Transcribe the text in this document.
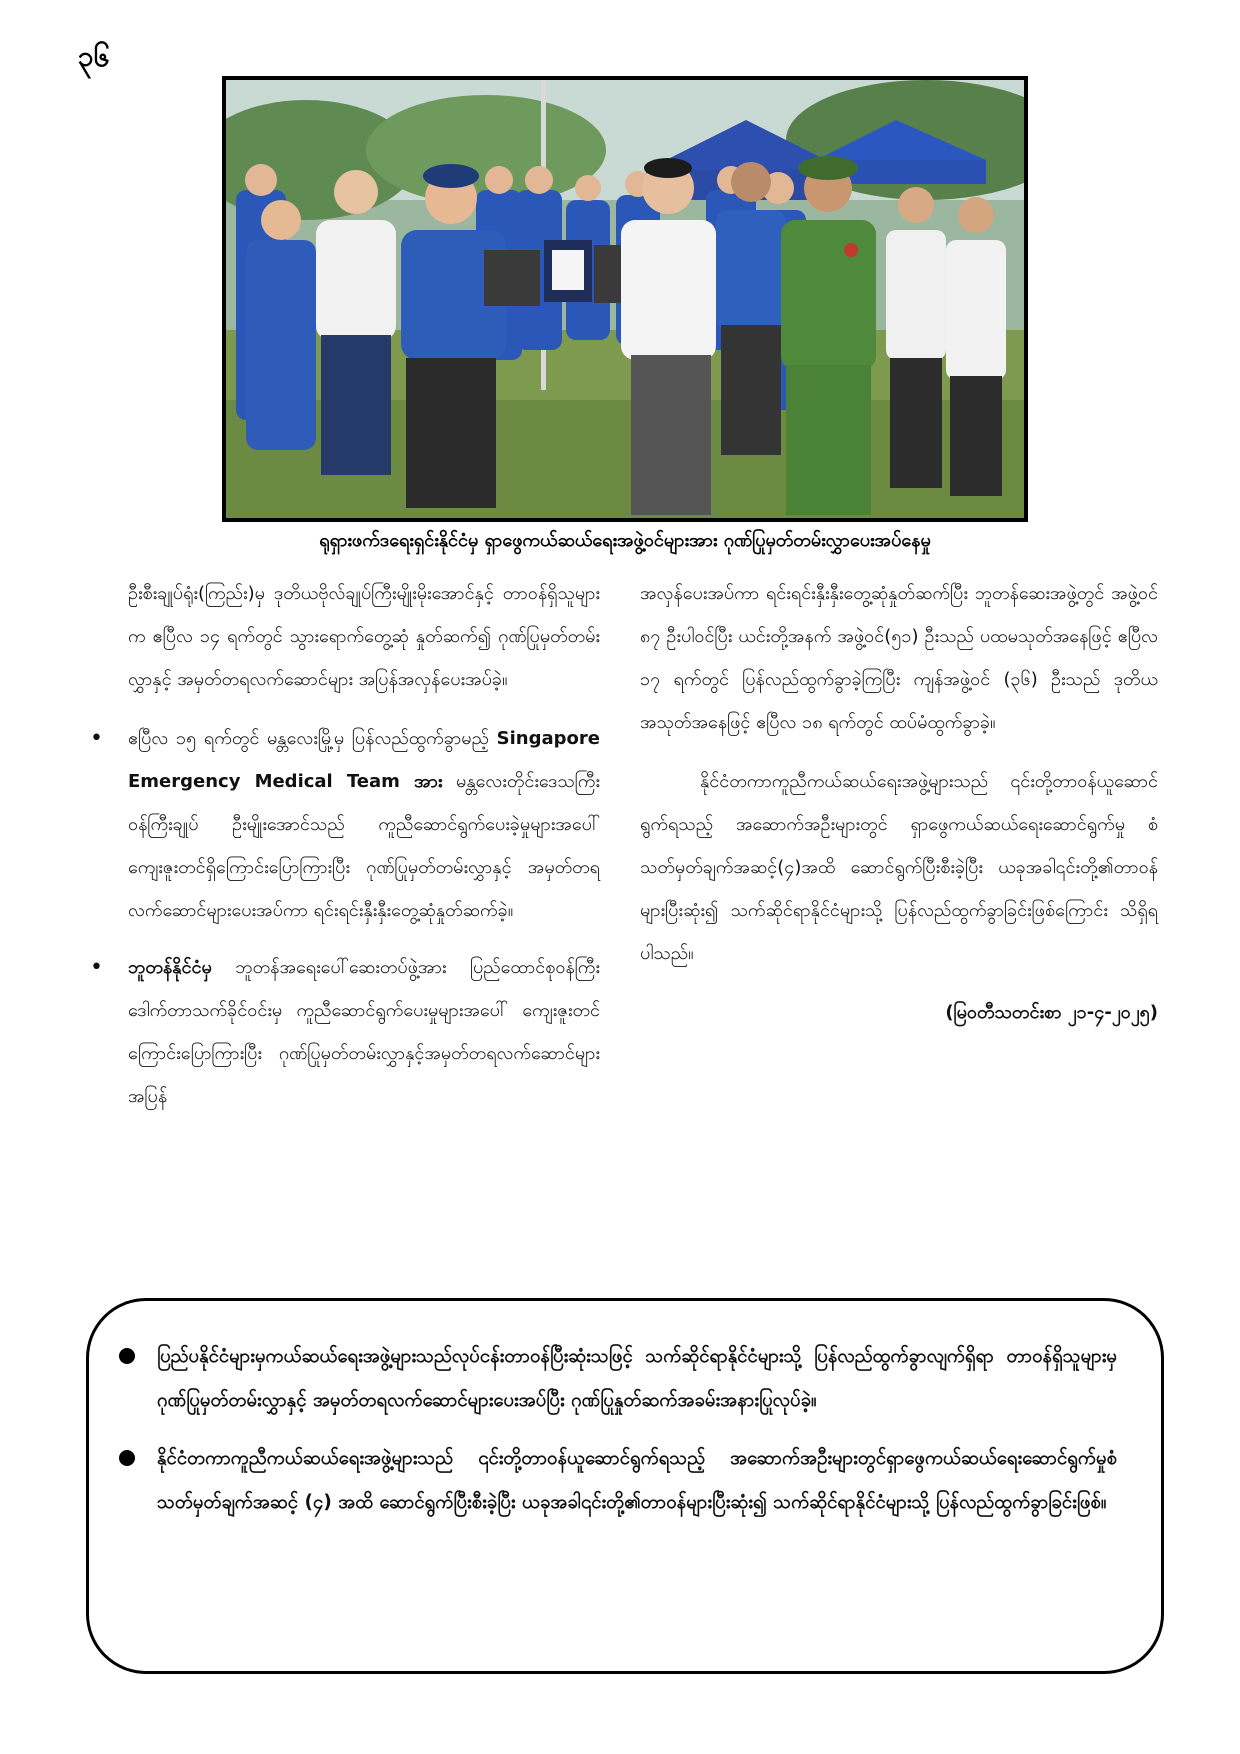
၃၆
ရုရှားဖက်ဒရေးရှင်းနိုင်ငံမှ ရှာဖွေကယ်ဆယ်ရေးအဖွဲ့ဝင်များအား ဂုဏ်ပြုမှတ်တမ်းလွှာပေးအပ်နေမှု

ဦးစီးချုပ်ရုံး(ကြည်း)မှ ဒုတိယဗိုလ်ချုပ်ကြီးမျိုးမိုးအောင်နှင့် တာဝန်ရှိသူများက ဧပြီလ ၁၄ ရက်တွင် သွားရောက်တွေ့ဆုံ နှုတ်ဆက်၍ ဂုဏ်ပြုမှတ်တမ်းလွှာနှင့် အမှတ်တရလက်ဆောင်များ အပြန်အလှန်ပေးအပ်ခဲ့။

• ဧပြီလ ၁၅ ရက်တွင် မန္တလေးမြို့မှ ပြန်လည်ထွက်ခွာမည့် Singapore Emergency Medical Team အား မန္တလေးတိုင်းဒေသကြီးဝန်ကြီးချုပ် ဦးမျိုးအောင်သည် ကူညီဆောင်ရွက်ပေးခဲ့မှုများအပေါ်ကျေးဇူးတင်ရှိကြောင်းပြောကြားပြီး ဂုဏ်ပြုမှတ်တမ်းလွှာနှင့် အမှတ်တရလက်ဆောင်များပေးအပ်ကာ ရင်းရင်းနှီးနှီးတွေ့ဆုံနှုတ်ဆက်ခဲ့။
• ဘူတန်နိုင်ငံမှ ဘူတန်အရေးပေါ်ဆေးတပ်ဖွဲ့အား ပြည်ထောင်စုဝန်ကြီးဒေါက်တာသက်ခိုင်ဝင်းမှ ကူညီဆောင်ရွက်ပေးမှုများအပေါ် ကျေးဇူးတင်ကြောင်းပြောကြားပြီး ဂုဏ်ပြုမှတ်တမ်းလွှာနှင့်အမှတ်တရလက်ဆောင်များ အပြန်

အလှန်ပေးအပ်ကာ ရင်းရင်းနှီးနှီးတွေ့ဆုံနှုတ်ဆက်ပြီး ဘူတန်ဆေးအဖွဲ့တွင် အဖွဲ့ဝင် ၈၇ ဦးပါဝင်ပြီး ယင်းတို့အနက် အဖွဲ့ဝင်(၅၁) ဦးသည် ပထမသုတ်အနေဖြင့် ဧပြီလ ၁၇ ရက်တွင် ပြန်လည်ထွက်ခွာခဲ့ကြပြီး ကျန်အဖွဲ့ဝင် (၃၆) ဦးသည် ဒုတိယအသုတ်အနေဖြင့် ဧပြီလ ၁၈ ရက်တွင် ထပ်မံထွက်ခွာခဲ့။

နိုင်ငံတကာကူညီကယ်ဆယ်ရေးအဖွဲ့များသည် ၎င်းတို့တာဝန်ယူဆောင်ရွက်ရသည့် အဆောက်အဦးများတွင် ရှာဖွေကယ်ဆယ်ရေးဆောင်ရွက်မှု စံသတ်မှတ်ချက်အဆင့်(၄)အထိ ဆောင်ရွက်ပြီးစီးခဲ့ပြီး ယခုအခါ၎င်းတို့၏တာဝန်များပြီးဆုံး၍ သက်ဆိုင်ရာနိုင်ငံများသို့ ပြန်လည်ထွက်ခွာခြင်းဖြစ်ကြောင်း သိရှိရပါသည်။

(မြဝတီသတင်းစာ ၂၁-၄-၂၀၂၅)
ပြည်ပနိုင်ငံများမှကယ်ဆယ်ရေးအဖွဲ့များသည်လုပ်ငန်းတာဝန်ပြီးဆုံးသဖြင့် သက်ဆိုင်ရာနိုင်ငံများသို့ ပြန်လည်ထွက်ခွာလျက်ရှိရာ တာဝန်ရှိသူများမှ ဂုဏ်ပြုမှတ်တမ်းလွှာနှင့် အမှတ်တရလက်ဆောင်များပေးအပ်ပြီး ဂုဏ်ပြုနှုတ်ဆက်အခမ်းအနားပြုလုပ်ခဲ့။
နိုင်ငံတကာကူညီကယ်ဆယ်ရေးအဖွဲ့များသည် ၎င်းတို့တာဝန်ယူဆောင်ရွက်ရသည့် အဆောက်အဦးများတွင်ရှာဖွေကယ်ဆယ်ရေးဆောင်ရွက်မှုစံသတ်မှတ်ချက်အဆင့် (၄) အထိ ဆောင်ရွက်ပြီးစီးခဲ့ပြီး ယခုအခါ၎င်းတို့၏တာဝန်များပြီးဆုံး၍ သက်ဆိုင်ရာနိုင်ငံများသို့ ပြန်လည်ထွက်ခွာခြင်းဖြစ်။
